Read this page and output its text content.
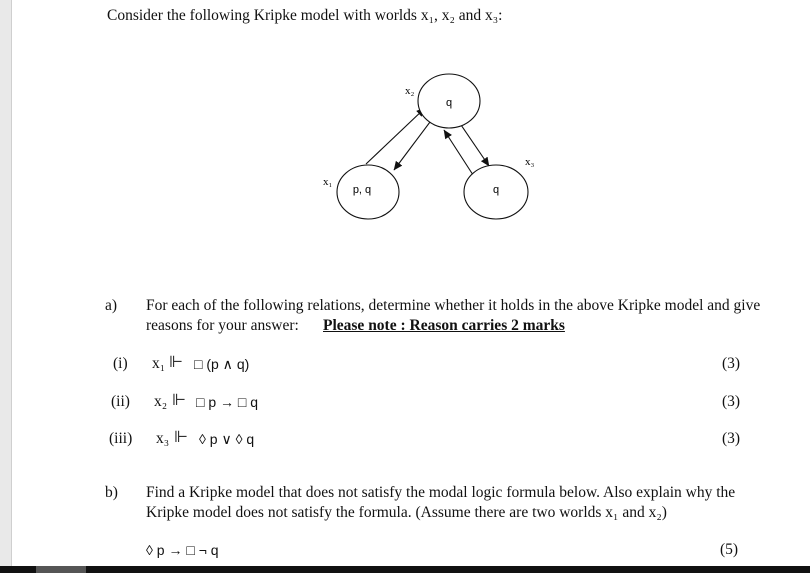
Consider the following Kripke model with worlds x₁, x₂ and x₃:
q
p, q	q
x₂
x₁
x₃
a) For each of the following relations, determine whether it holds in the above Kripke model and give
reasons for your answer: Please note : Reason carries 2 marks
(i) x₁ ⊩ □ (p ∧ q)	(3)
(ii) x₂ ⊩ □ p → □ q	(3)
(iii) x₃ ⊩ ◊ p ∨ ◊ q	(3)
b) Find a Kripke model that does not satisfy the modal logic formula below. Also explain why the
Kripke model does not satisfy the formula. (Assume there are two worlds x₁ and x₂)
◊ p → □ ¬ q	(5)
